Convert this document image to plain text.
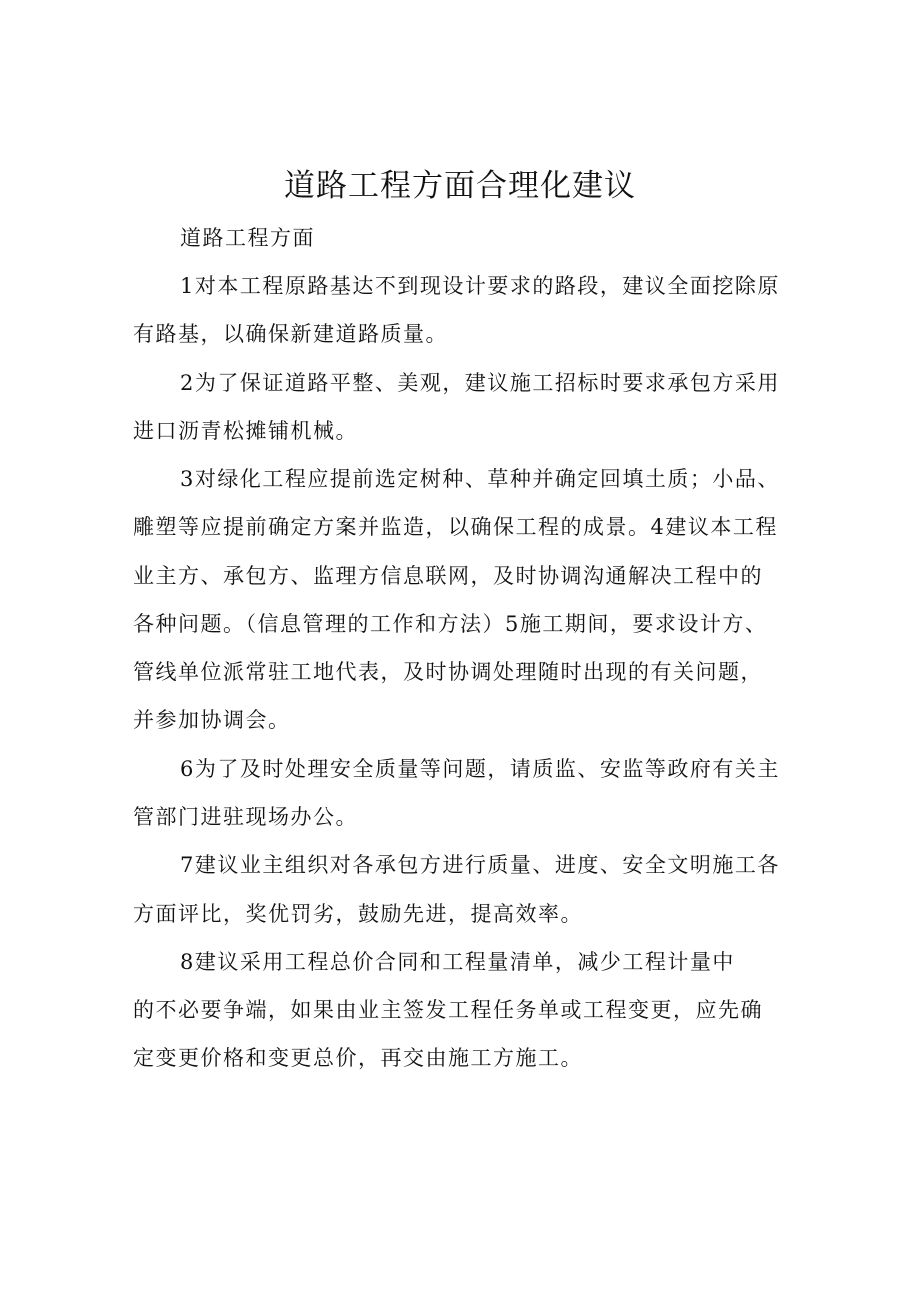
道路工程方面合理化建议

道路工程方面

1对本工程原路基达不到现设计要求的路段，建议全面挖除原

有路基，以确保新建道路质量。

2为了保证道路平整、美观，建议施工招标时要求承包方采用

进口沥青松摊铺机械。

3对绿化工程应提前选定树种、草种并确定回填土质；小品、

雕塑等应提前确定方案并监造，以确保工程的成景。4建议本工程

业主方、承包方、监理方信息联网，及时协调沟通解决工程中的

各种问题。（信息管理的工作和方法）5施工期间，要求设计方、

管线单位派常驻工地代表，及时协调处理随时出现的有关问题，

并参加协调会。

6为了及时处理安全质量等问题，请质监、安监等政府有关主

管部门进驻现场办公。

7建议业主组织对各承包方进行质量、进度、安全文明施工各

方面评比，奖优罚劣，鼓励先进，提高效率。

8建议采用工程总价合同和工程量清单，减少工程计量中

的不必要争端，如果由业主签发工程任务单或工程变更，应先确

定变更价格和变更总价，再交由施工方施工。
